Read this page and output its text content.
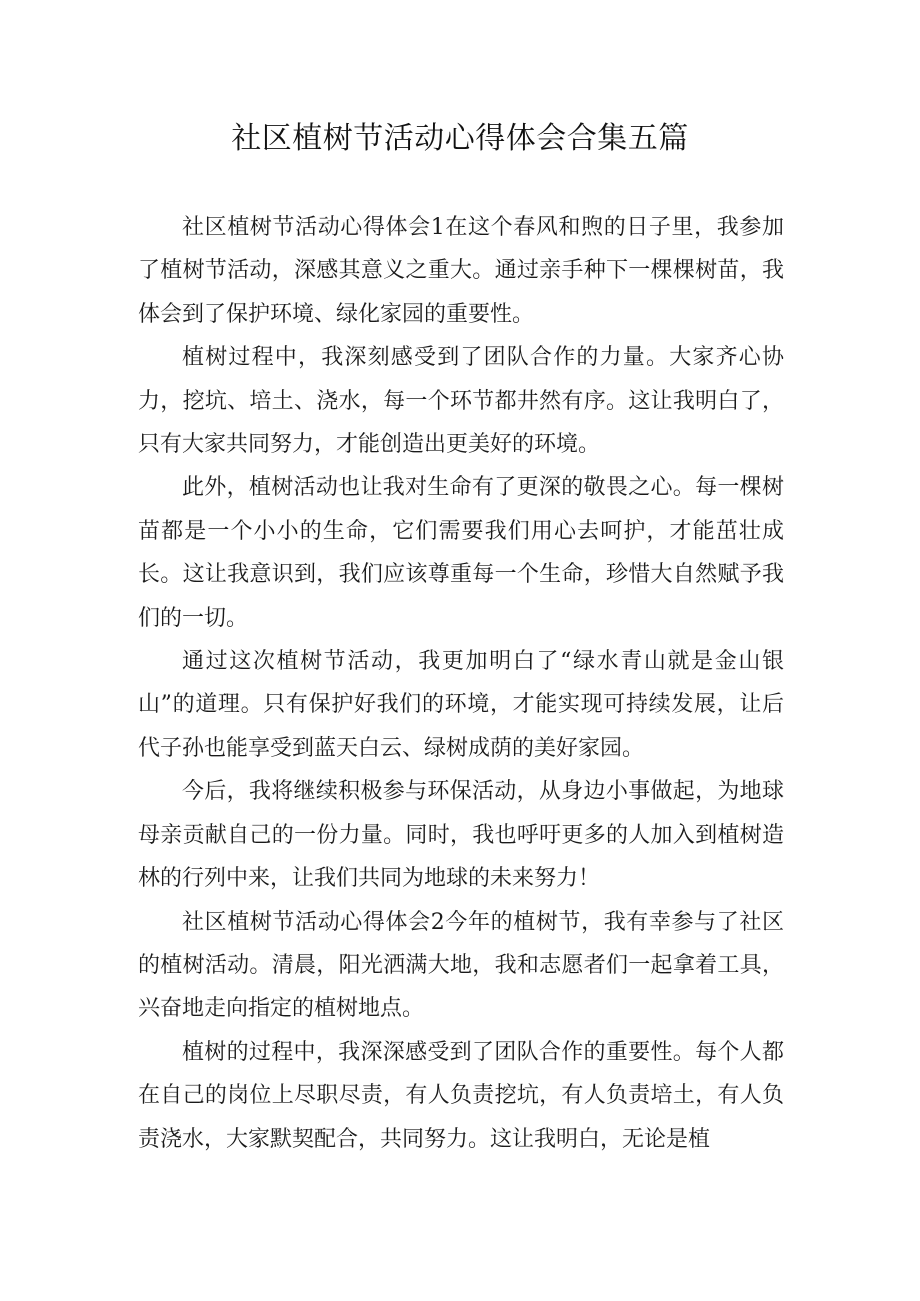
社区植树节活动心得体会合集五篇

社区植树节活动心得体会1在这个春风和煦的日子里，我参加了植树节活动，深感其意义之重大。通过亲手种下一棵棵树苗，我体会到了保护环境、绿化家园的重要性。

植树过程中，我深刻感受到了团队合作的力量。大家齐心协力，挖坑、培土、浇水，每一个环节都井然有序。这让我明白了，只有大家共同努力，才能创造出更美好的环境。

此外，植树活动也让我对生命有了更深的敬畏之心。每一棵树苗都是一个小小的生命，它们需要我们用心去呵护，才能茁壮成长。这让我意识到，我们应该尊重每一个生命，珍惜大自然赋予我们的一切。

通过这次植树节活动，我更加明白了“绿水青山就是金山银山”的道理。只有保护好我们的环境，才能实现可持续发展，让后代子孙也能享受到蓝天白云、绿树成荫的美好家园。

今后，我将继续积极参与环保活动，从身边小事做起，为地球母亲贡献自己的一份力量。同时，我也呼吁更多的人加入到植树造林的行列中来，让我们共同为地球的未来努力！

社区植树节活动心得体会2今年的植树节，我有幸参与了社区的植树活动。清晨，阳光洒满大地，我和志愿者们一起拿着工具，兴奋地走向指定的植树地点。

植树的过程中，我深深感受到了团队合作的重要性。每个人都在自己的岗位上尽职尽责，有人负责挖坑，有人负责培土，有人负责浇水，大家默契配合，共同努力。这让我明白，无论是植
